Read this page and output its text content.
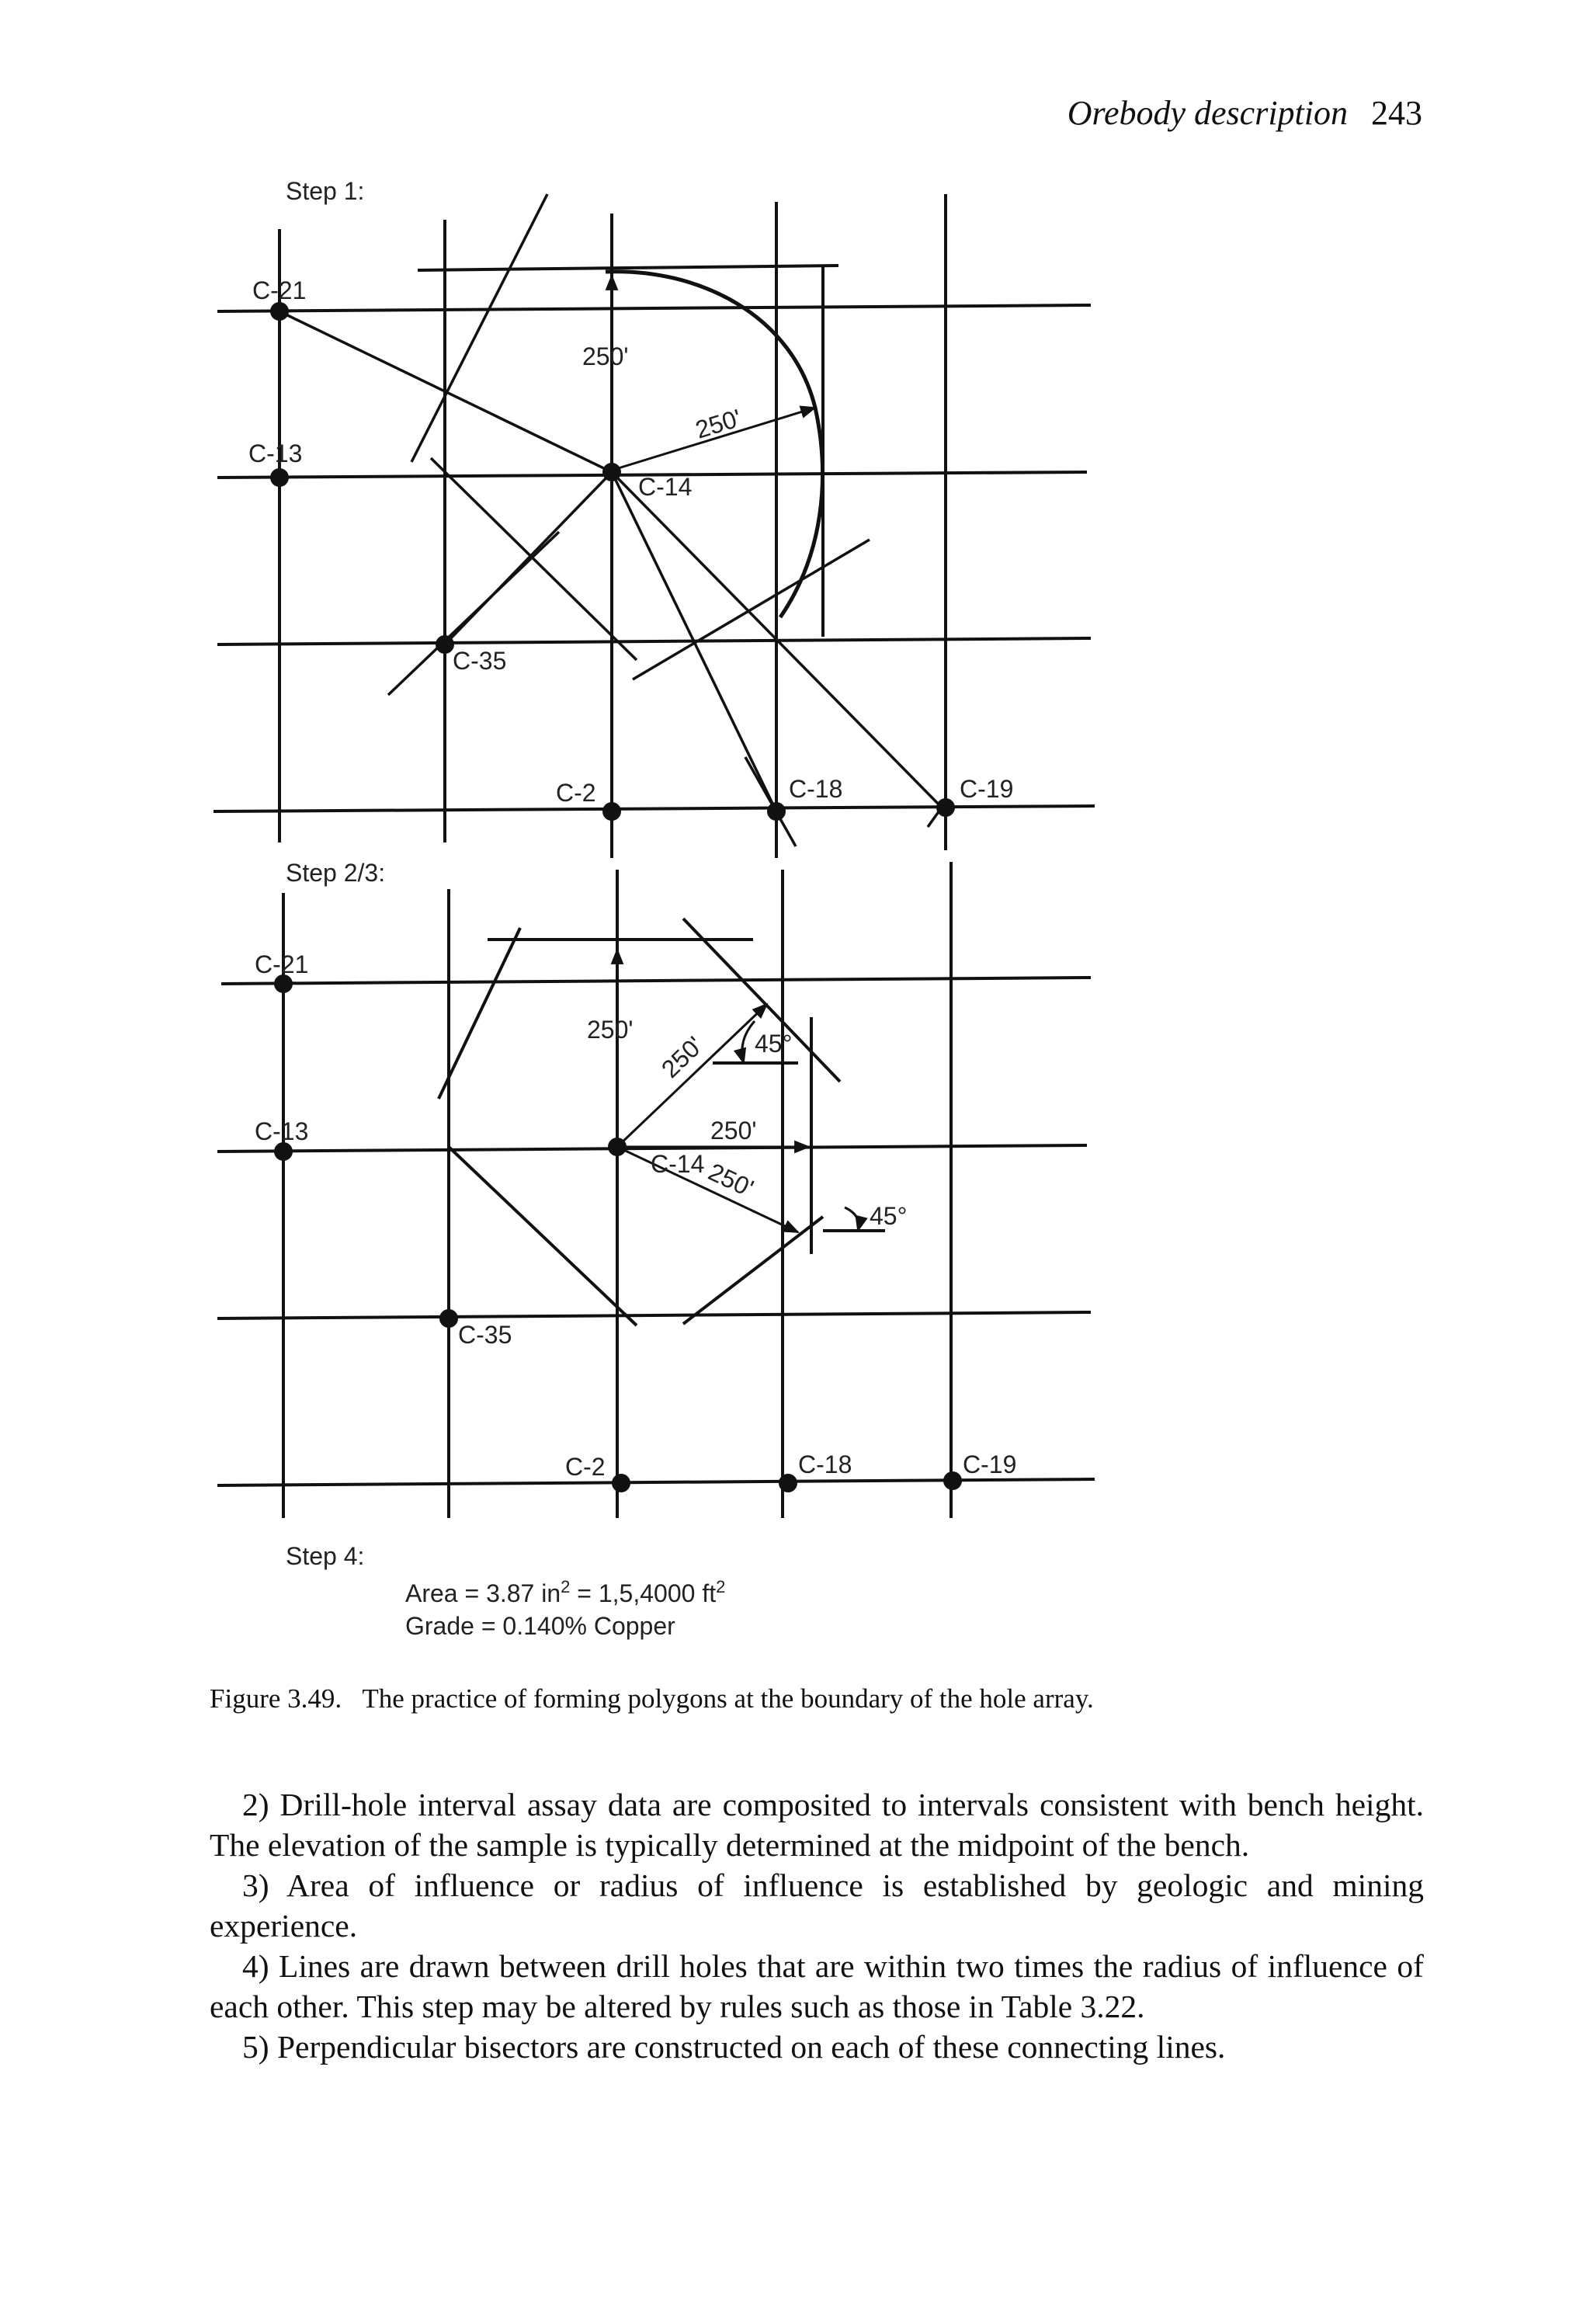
Orebody description 243
Step 1:
C-21
C-13
C-14
C-35
C-2	C-18	C-19
250'
250'
Step 2/3:
C-21
C-13
C-14
C-35
C-2	C-18	C-19
250'
250'
250'
250'
45°
45°
Step 4:
Area = 3.87 $in^2 = 1,5,4000$ $ft^2$
Grade = 0.140% Copper
Figure 3.49. The practice of forming polygons at the boundary of the hole array.

2) Drill-hole interval assay data are composited to intervals consistent with bench height. The elevation of the sample is typically determined at the midpoint of the bench.

3) Area of influence or radius of influence is established by geologic and mining experience.

4) Lines are drawn between drill holes that are within two times the radius of influence of each other. This step may be altered by rules such as those in Table 3.22.

5) Perpendicular bisectors are constructed on each of these connecting lines.
